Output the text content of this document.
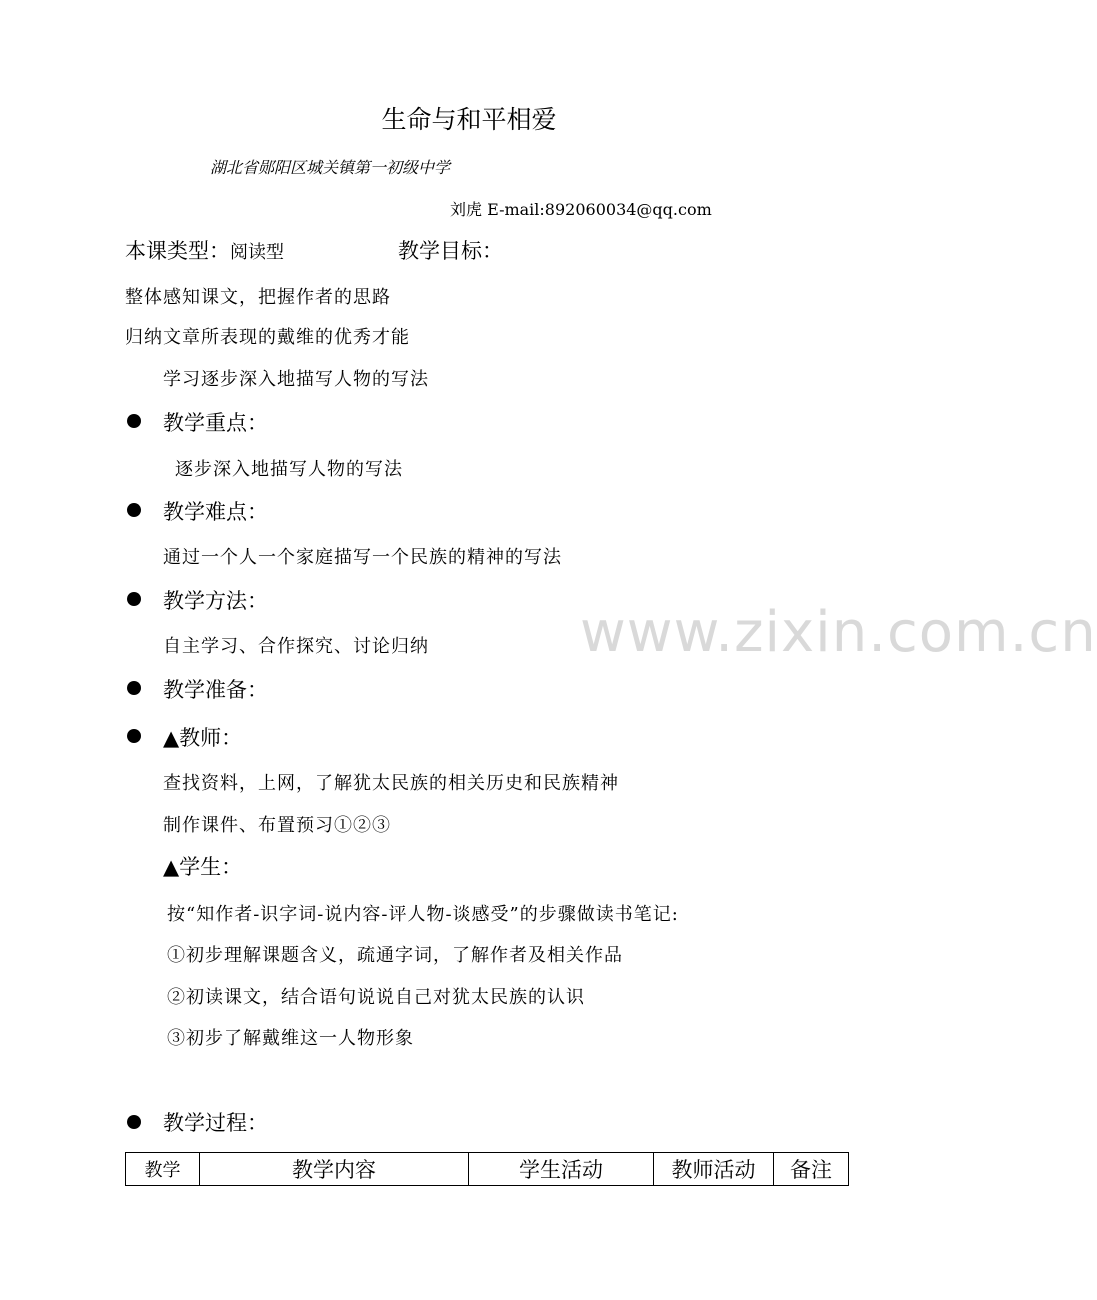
生命与和平相爱
湖北省郧阳区城关镇第一初级中学
刘虎 E-mail:892060034@qq.com
本课类型：阅读型	教学目标：
整体感知课文，把握作者的思路
归纳文章所表现的戴维的优秀才能
学习逐步深入地描写人物的写法
教学重点：
逐步深入地描写人物的写法
教学难点：
通过一个人一个家庭描写一个民族的精神的写法
教学方法：
自主学习、合作探究、讨论归纳	www.zixin.com.cn
教学准备：
▲教师：
查找资料，上网，了解犹太民族的相关历史和民族精神
制作课件、布置预习①②③
▲学生：
按“知作者-识字词-说内容-评人物-谈感受”的步骤做读书笔记:
①初步理解课题含义，疏通字词，了解作者及相关作品
②初读课文，结合语句说说自己对犹太民族的认识
③初步了解戴维这一人物形象
教学过程：
教学	教学内容	学生活动	教师活动	备注
